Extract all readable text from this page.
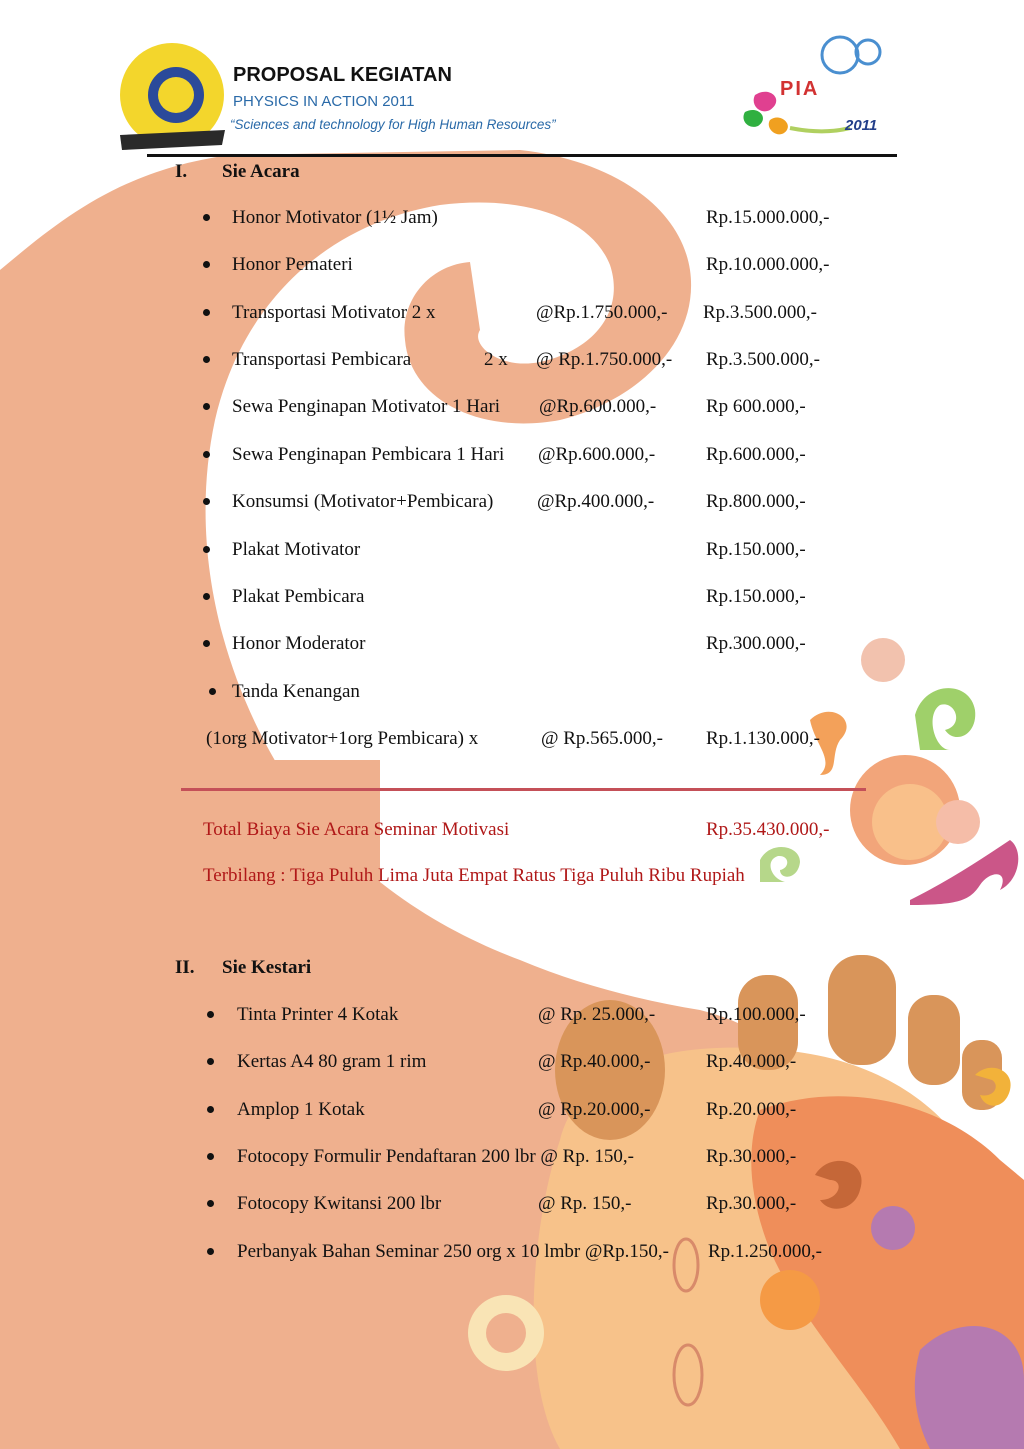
PROPOSAL KEGIATAN
PHYSICS IN ACTION 2011
“Sciences and technology for High Human Resources”
PIA
2011
I. Sie Acara
Honor Motivator (1½ Jam)	Rp.15.000.000,-
Honor Pemateri	Rp.10.000.000,-
Transportasi Motivator 2 x	@Rp.1.750.000,- Rp.3.500.000,-
Transportasi Pembicara	2 x @ Rp.1.750.000,- Rp.3.500.000,-
Sewa Penginapan Motivator 1 Hari @Rp.600.000,-	Rp 600.000,-
Sewa Penginapan Pembicara 1 Hari @Rp.600.000,-	Rp.600.000,-
Konsumsi (Motivator+Pembicara) @Rp.400.000,-	Rp.800.000,-
Plakat Motivator	Rp.150.000,-
Plakat Pembicara	Rp.150.000,-
Honor Moderator	Rp.300.000,-
Tanda Kenangan
(1org Motivator+1org Pembicara) x	@ Rp.565.000,- Rp.1.130.000,-
Total Biaya Sie Acara Seminar Motivasi	Rp.35.430.000,-
Terbilang : Tiga Puluh Lima Juta Empat Ratus Tiga Puluh Ribu Rupiah
II. Sie Kestari
Tinta Printer 4 Kotak	@ Rp. 25.000,-	Rp.100.000,-
Kertas A4 80 gram 1 rim	@ Rp.40.000,-	Rp.40.000,-
Amplop 1 Kotak	@ Rp.20.000,-	Rp.20.000,-
Fotocopy Formulir Pendaftaran 200 lbr @ Rp. 150,-	Rp.30.000,-
Fotocopy Kwitansi 200 lbr	@ Rp. 150,-	Rp.30.000,-
Perbanyak Bahan Seminar 250 org x 10 lmbr @Rp.150,- Rp.1.250.000,-
